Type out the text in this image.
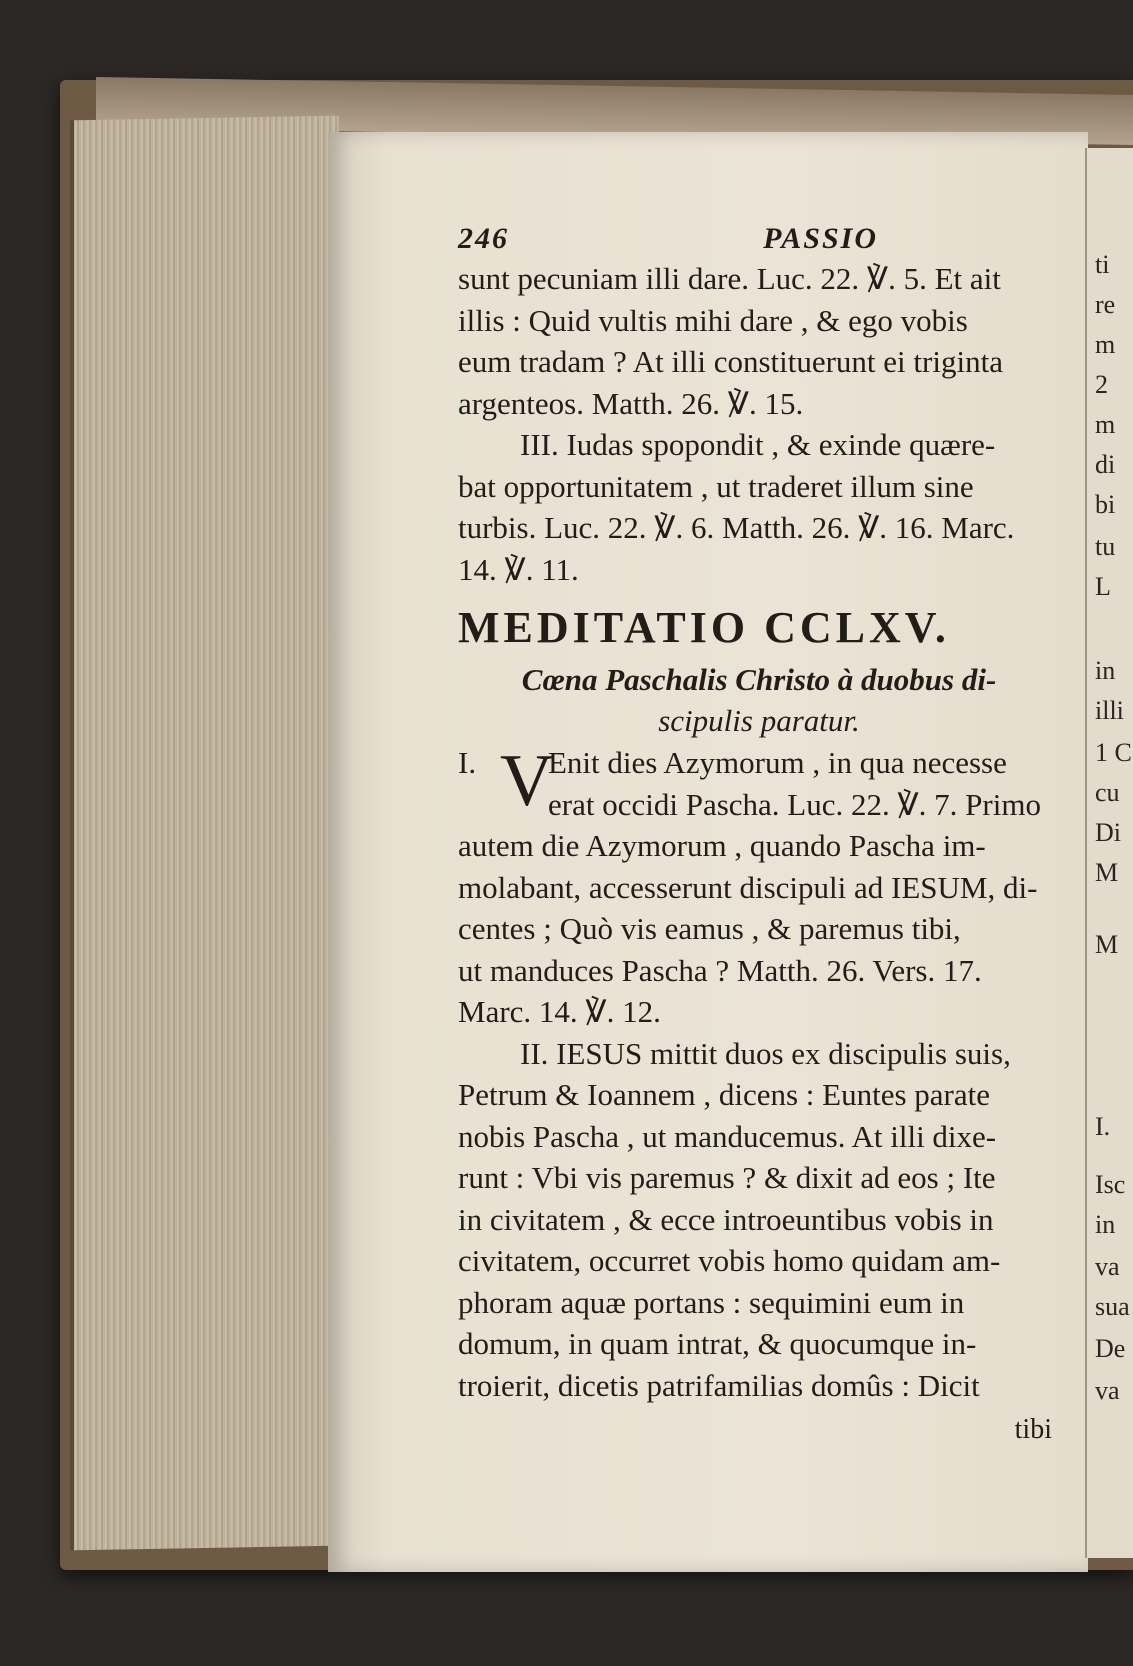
246	PASSIO
sunt pecuniam illi dare. Luc. 22. ℣. 5. Et ait
illis : Quid vultis mihi dare , & ego vobis
eum tradam ? At illi constituerunt ei triginta
argenteos. Matth. 26. ℣. 15.
III. Iudas spopondit , & exinde quære-
bat opportunitatem , ut traderet illum sine
turbis. Luc. 22. ℣. 6. Matth. 26. ℣. 16. Marc.
14. ℣. 11.
MEDITATIO CCLXV.
Cœna Paschalis Christo à duobus di-
scipulis paratur.
I. V
Enit dies Azymorum , in qua necesse
erat occidi Pascha. Luc. 22. ℣. 7. Primo
autem die Azymorum , quando Pascha im-
molabant, accesserunt discipuli ad IESUM, di-
centes ; Quò vis eamus , & paremus tibi,
ut manduces Pascha ? Matth. 26. Vers. 17.
Marc. 14. ℣. 12.
II. IESUS mittit duos ex discipulis suis,
Petrum & Ioannem , dicens : Euntes parate
nobis Pascha , ut manducemus. At illi dixe-
runt : Vbi vis paremus ? & dixit ad eos ; Ite
in civitatem , & ecce introeuntibus vobis in
civitatem, occurret vobis homo quidam am-
phoram aquæ portans : sequimini eum in
domum, in quam intrat, & quocumque in-
troierit, dicetis patrifamilias domûs : Dicit
tibi
ti
re
m
2
m
di
bi
tu
L
in
illi
1 C
cu
Di
M
M
I.
Isc
in
va
sua
De
va
